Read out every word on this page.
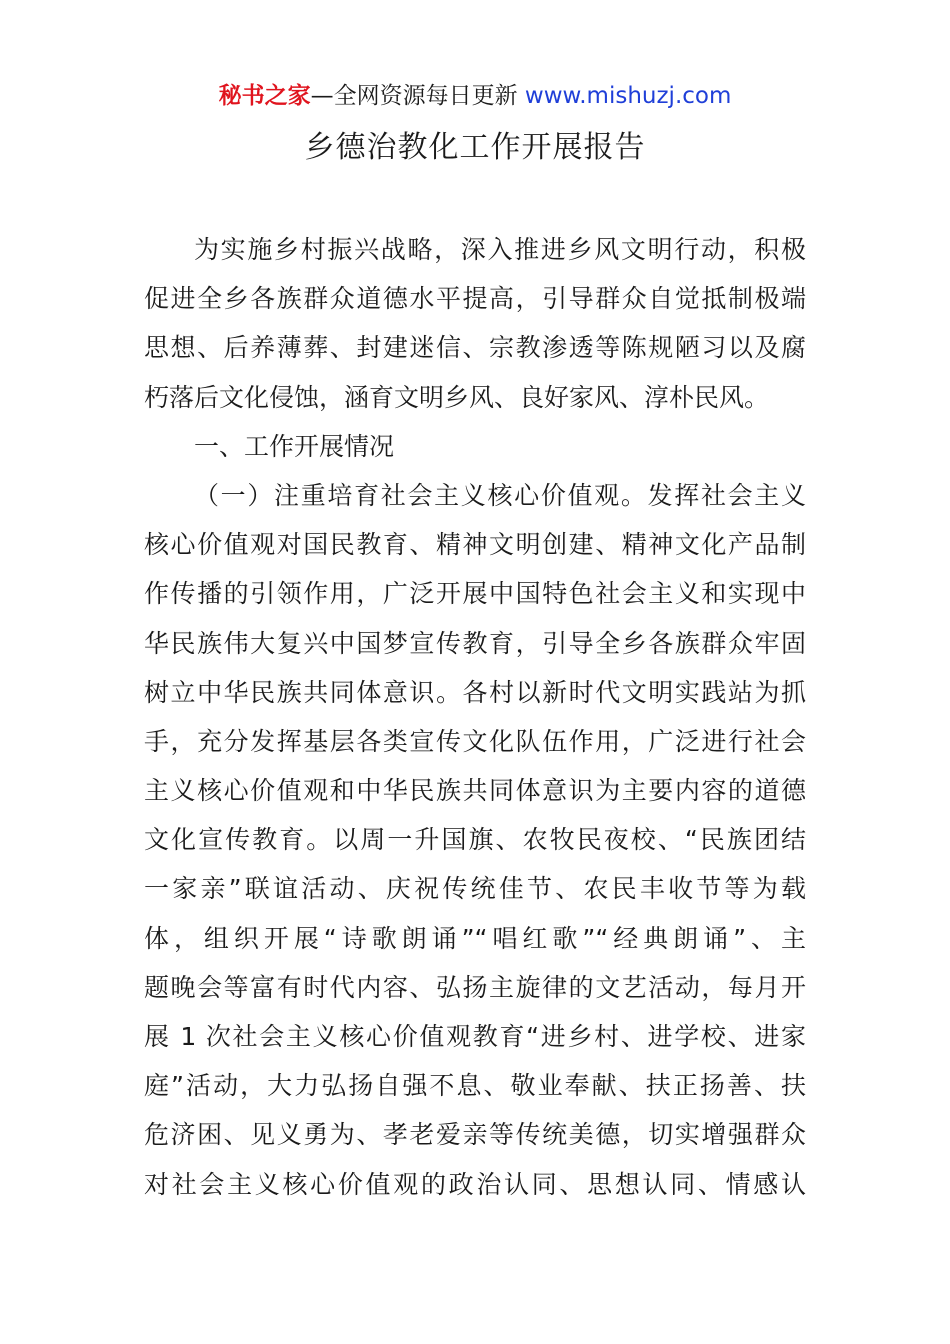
秘书之家—全网资源每日更新 www.mishuzj.com
乡德治教化工作开展报告
为实施乡村振兴战略，深入推进乡风文明行动，积极
促进全乡各族群众道德水平提高，引导群众自觉抵制极端
思想、后养薄葬、封建迷信、宗教渗透等陈规陋习以及腐
朽落后文化侵蚀，涵育文明乡风、良好家风、淳朴民风。
一、工作开展情况
（一）注重培育社会主义核心价值观。发挥社会主义
核心价值观对国民教育、精神文明创建、精神文化产品制
作传播的引领作用，广泛开展中国特色社会主义和实现中
华民族伟大复兴中国梦宣传教育，引导全乡各族群众牢固
树立中华民族共同体意识。各村以新时代文明实践站为抓
手，充分发挥基层各类宣传文化队伍作用，广泛进行社会
主义核心价值观和中华民族共同体意识为主要内容的道德
文化宣传教育。以周一升国旗、农牧民夜校、“民族团结
一家亲”联谊活动、庆祝传统佳节、农民丰收节等为载
体，组织开展“诗歌朗诵”“唱红歌”“经典朗诵”、主
题晚会等富有时代内容、弘扬主旋律的文艺活动，每月开
展 1 次社会主义核心价值观教育“进乡村、进学校、进家
庭”活动，大力弘扬自强不息、敬业奉献、扶正扬善、扶
危济困、见义勇为、孝老爱亲等传统美德，切实增强群众
对社会主义核心价值观的政治认同、思想认同、情感认
